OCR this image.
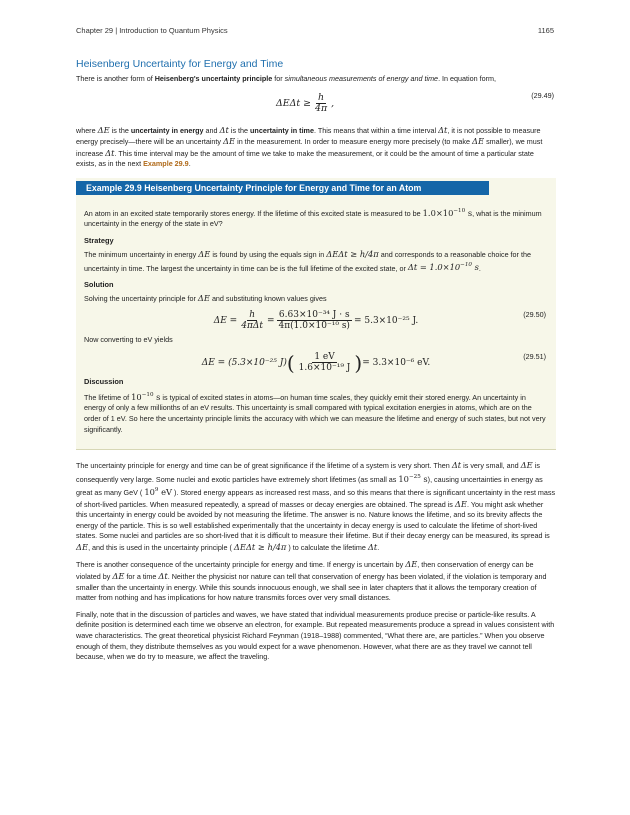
Chapter 29 | Introduction to Quantum Physics	1165
Heisenberg Uncertainty for Energy and Time

There is another form of Heisenberg's uncertainty principle for simultaneous measurements of energy and time. In equation form,

$\Delta E\Delta t \ge \frac{h}{4\pi}$ ,
(29.49)

where ΔE is the uncertainty in energy and Δt is the uncertainty in time. This means that within a time interval Δt, it is not possible to measure energy precisely—there will be an uncertainty ΔE in the measurement. In order to measure energy more precisely (to make ΔE smaller), we must increase Δt. This time interval may be the amount of time we take to make the measurement, or it could be the amount of time a particular state exists, as in the next Example 29.9.

Example 29.9 Heisenberg Uncertainty Principle for Energy and Time for an Atom

An atom in an excited state temporarily stores energy. If the lifetime of this excited state is measured to be $1.0\times 10^{-10}$ s, what is the minimum uncertainty in the energy of the state in eV?

Strategy

The minimum uncertainty in energy ΔE is found by using the equals sign in ΔEΔt ≥ h/4π and corresponds to a reasonable choice for the uncertainty in time. The largest the uncertainty in time can be is the full lifetime of the excited state, or $\Delta t = 1.0\times 10^{-10}$ s.

Solution

Solving the uncertainty principle for ΔE and substituting known values gives

$\Delta E = \frac{h}{\text{4πΔt}} = \frac{\text{6.63×10⁻³⁴ J · s}}{\text{4π(1.0×10⁻¹⁰ s)}} = 5.3\times 10^{-25}$ J.
(29.50)

Now converting to eV yields

ΔE = (5.3×10⁻²⁵ J) ( $\frac{1 eV}{\text{1.6×10⁻¹⁹ J}}$ ) = 3.3×10⁻⁶ eV.
(29.51)
Discussion

The lifetime of $10^{-10}$ s is typical of excited states in atoms—on human time scales, they quickly emit their stored energy. An uncertainty in energy of only a few millionths of an eV results. This uncertainty is small compared with typical excitation energies in atoms, which are on the order of 1 eV. So here the uncertainty principle limits the accuracy with which we can measure the lifetime and energy of such states, but not very significantly.

The uncertainty principle for energy and time can be of great significance if the lifetime of a system is very short. Then Δt is very small, and ΔE is consequently very large. Some nuclei and exotic particles have extremely short lifetimes (as small as $10^{-25}$ s), causing uncertainties in energy as great as many GeV ( $10^9$ eV ). Stored energy appears as increased rest mass, and so this means that there is significant uncertainty in the rest mass of short-lived particles. When measured repeatedly, a spread of masses or decay energies are obtained. The spread is ΔE. You might ask whether this uncertainty in energy could be avoided by not measuring the lifetime. The answer is no. Nature knows the lifetime, and so its brevity affects the energy of the particle. This is so well established experimentally that the uncertainty in decay energy is used to calculate the lifetime of short-lived states. Some nuclei and particles are so short-lived that it is difficult to measure their lifetime. But if their decay energy can be measured, its spread is ΔE, and this is used in the uncertainty principle ( ΔEΔt ≥ h/4π ) to calculate the lifetime Δt.

There is another consequence of the uncertainty principle for energy and time. If energy is uncertain by ΔE, then conservation of energy can be violated by ΔE for a time Δt. Neither the physicist nor nature can tell that conservation of energy has been violated, if the violation is temporary and smaller than the uncertainty in energy. While this sounds innocuous enough, we shall see in later chapters that it allows the temporary creation of matter from nothing and has implications for how nature transmits forces over very small distances.

Finally, note that in the discussion of particles and waves, we have stated that individual measurements produce precise or particle-like results. A definite position is determined each time we observe an electron, for example. But repeated measurements produce a spread in values consistent with wave characteristics. The great theoretical physicist Richard Feynman (1918–1988) commented, “What there are, are particles.” When you observe enough of them, they distribute themselves as you would expect for a wave phenomenon. However, what there are as they travel we cannot tell because, when we do try to measure, we affect the traveling.
